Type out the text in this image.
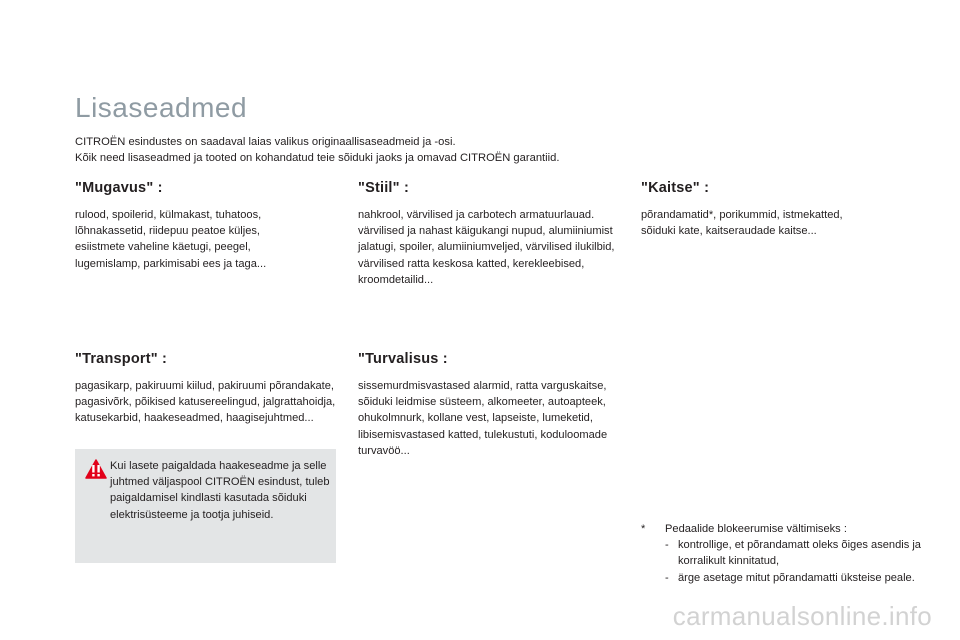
Lisaseadmed
CITROËN esindustes on saadaval laias valikus originaallisaseadmeid ja -osi.
Kõik need lisaseadmed ja tooted on kohandatud teie sõiduki jaoks ja omavad CITROËN garantiid.
"Mugavus" :

rulood, spoilerid, külmakast, tuhatoos, lõhnakassetid, riidepuu peatoe küljes, esiistmete vaheline käetugi, peegel, lugemislamp, parkimisabi ees ja taga...

"Stiil" :

nahkrool, värvilised ja carbotech armatuurlauad. värvilised ja nahast käigukangi nupud, alumiiniumist jalatugi, spoiler, alumiiniumveljed, värvilised ilukilbid, värvilised ratta keskosa katted, kerekleebised, kroomdetailid...

"Kaitse" :

põrandamatid*, porikummid, istmekatted, sõiduki kate, kaitseraudade kaitse...

"Transport" :

pagasikarp, pakiruumi kiilud, pakiruumi põrandakate, pagasivõrk, põikised katusereelingud, jalgrattahoidja, katusekarbid, haakeseadmed, haagisejuhtmed...

"Turvalisus :

sissemurdmisvastased alarmid, ratta varguskaitse, sõiduki leidmise süsteem, alkomeeter, autoapteek, ohukolmnurk, kollane vest, lapseiste, lumeketid, libisemisvastased katted, tulekustuti, koduloomade turvavöö...

Kui lasete paigaldada haakeseadme ja selle juhtmed väljaspool CITROËN esindust, tuleb paigaldamisel kindlasti kasutada sõiduki elektrisüsteeme ja tootja juhiseid.
* Pedaalide blokeerumise vältimiseks :
- kontrollige, et põrandamatt oleks õiges asendis ja korralikult kinnitatud,
- ärge asetage mitut põrandamatti üksteise peale.
carmanualsonline.info
